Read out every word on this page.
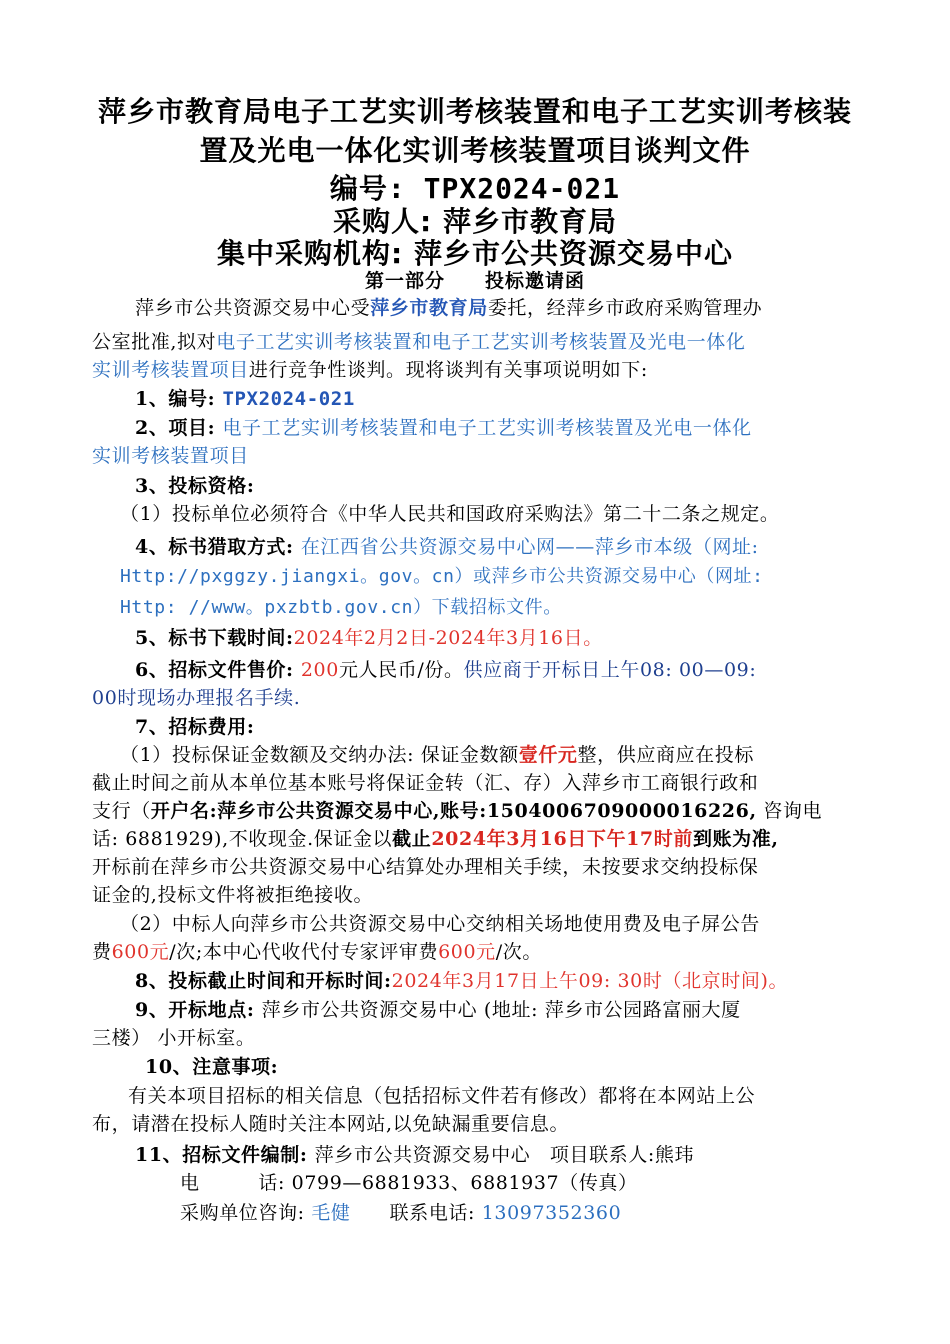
萍乡市教育局电子工艺实训考核装置和电子工艺实训考核装
置及光电一体化实训考核装置项目谈判文件
编号: TPX2024-021
采购人: 萍乡市教育局
集中采购机构: 萍乡市公共资源交易中心
第一部分　　投标邀请函
萍乡市公共资源交易中心受萍乡市教育局委托，经萍乡市政府采购管理办
公室批准,拟对电子工艺实训考核装置和电子工艺实训考核装置及光电一体化
实训考核装置项目进行竞争性谈判。现将谈判有关事项说明如下:
1、编号: TPX2024-021
2、项目: 电子工艺实训考核装置和电子工艺实训考核装置及光电一体化
实训考核装置项目
3、投标资格:
（1）投标单位必须符合《中华人民共和国政府采购法》第二十二条之规定。
4、标书猎取方式: 在江西省公共资源交易中心网——萍乡市本级（网址:
Http://pxggzy.jiangxi。gov。cn）或萍乡市公共资源交易中心（网址:
Http: //www。pxzbtb.gov.cn）下载招标文件。
5、标书下载时间:2024年2月2日-2024年3月16日。
6、招标文件售价: 200元人民币/份。供应商于开标日上午08: 00—09:
00时现场办理报名手续.
7、招标费用:
（1）投标保证金数额及交纳办法: 保证金数额壹仟元整，供应商应在投标
截止时间之前从本单位基本账号将保证金转（汇、存）入萍乡市工商银行政和
支行（开户名:萍乡市公共资源交易中心,账号:1504006709000016226, 咨询电
话: 6881929),不收现金.保证金以截止2024年3月16日下午17时前到账为准,
开标前在萍乡市公共资源交易中心结算处办理相关手续，未按要求交纳投标保
证金的,投标文件将被拒绝接收。
（2）中标人向萍乡市公共资源交易中心交纳相关场地使用费及电子屏公告
费600元/次;本中心代收代付专家评审费600元/次。
8、投标截止时间和开标时间:2024年3月17日上午09: 30时（北京时间)。
9、开标地点: 萍乡市公共资源交易中心 (地址: 萍乡市公园路富丽大厦
三楼） 小开标室。
10、注意事项:
有关本项目招标的相关信息（包括招标文件若有修改）都将在本网站上公
布，请潜在投标人随时关注本网站,以免缺漏重要信息。
11、招标文件编制: 萍乡市公共资源交易中心　项目联系人:熊玮
电　　　话: 0799—6881933、6881937（传真）
采购单位咨询: 毛健　　联系电话: 13097352360
